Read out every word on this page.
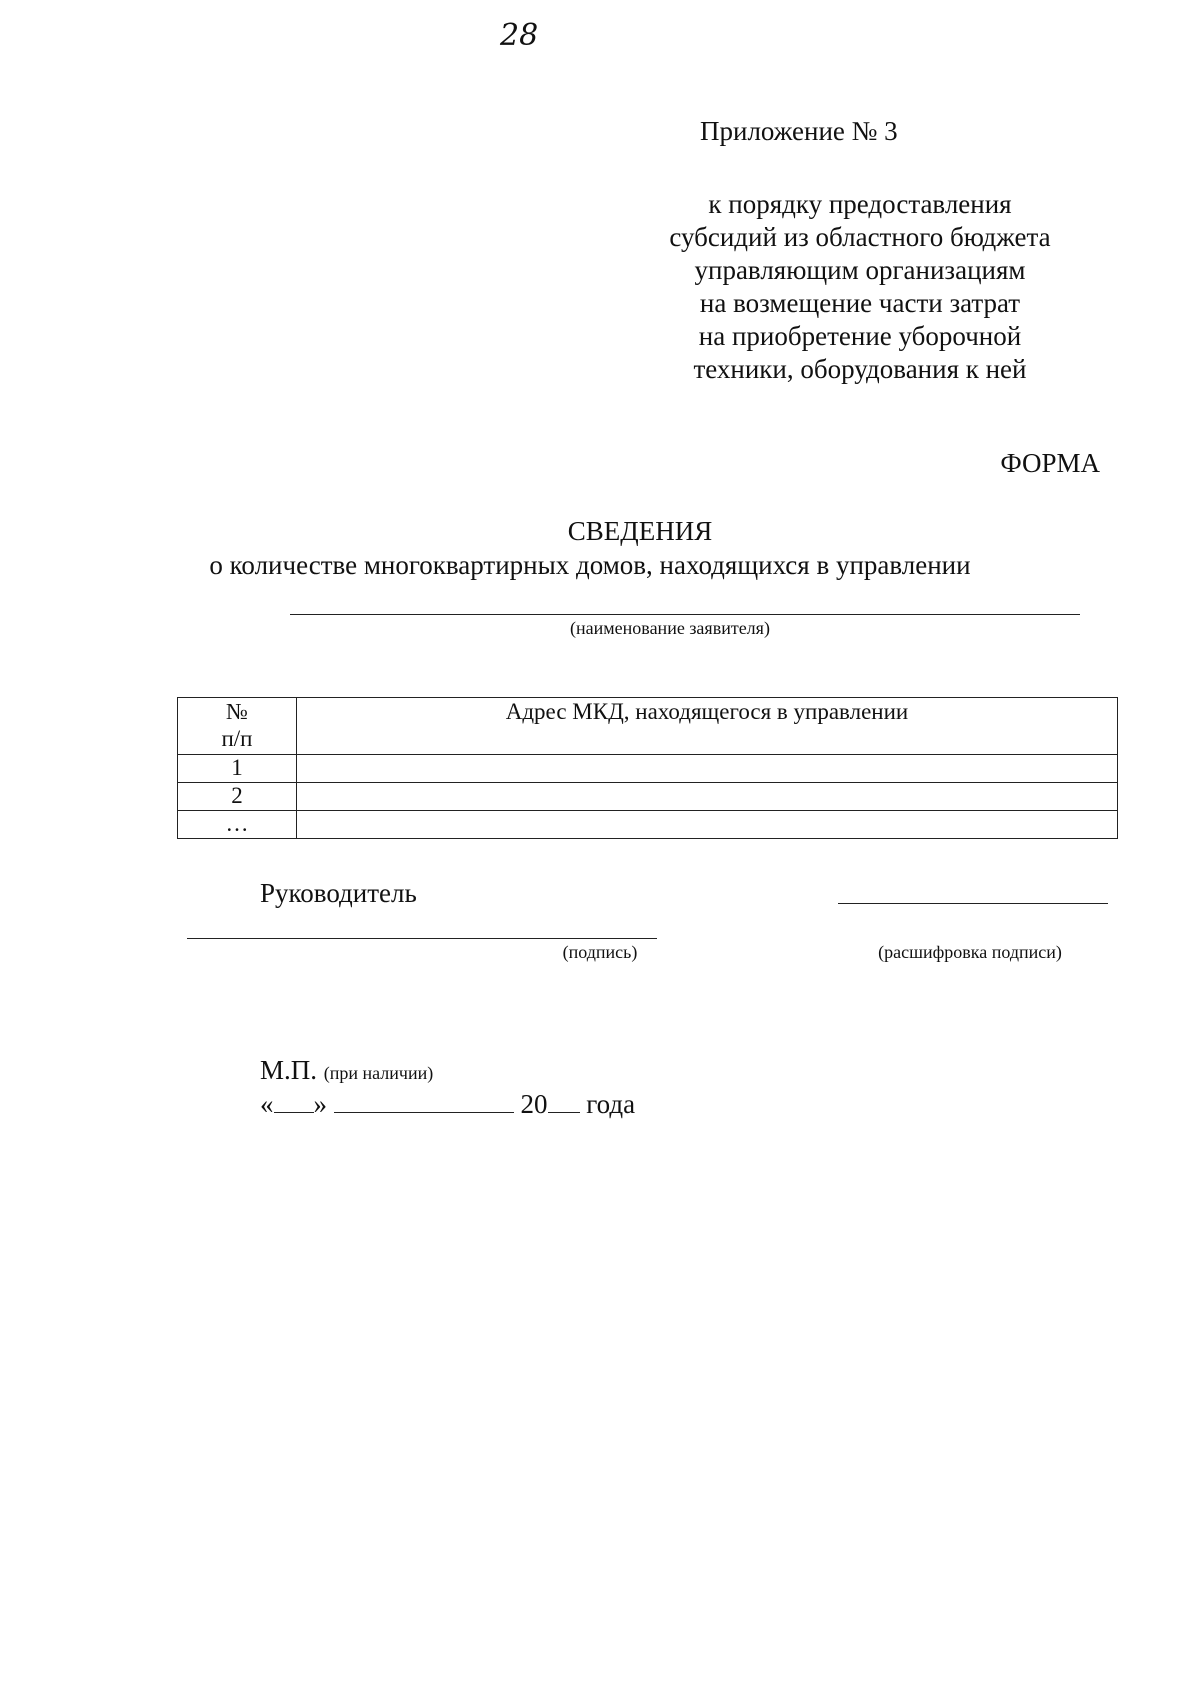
28
Приложение № 3
к порядку предоставления
субсидий из областного бюджета
управляющим организациям
на возмещение части затрат
на приобретение уборочной
техники, оборудования к ней
ФОРМА
СВЕДЕНИЯ
о количестве многоквартирных домов, находящихся в управлении
(наименование заявителя)
№
п/п	Адрес МКД, находящегося в управлении
1	
2	
…	
Руководитель
(подпись)	(расшифровка подписи)
М.П. (при наличии)
« »	20 года
